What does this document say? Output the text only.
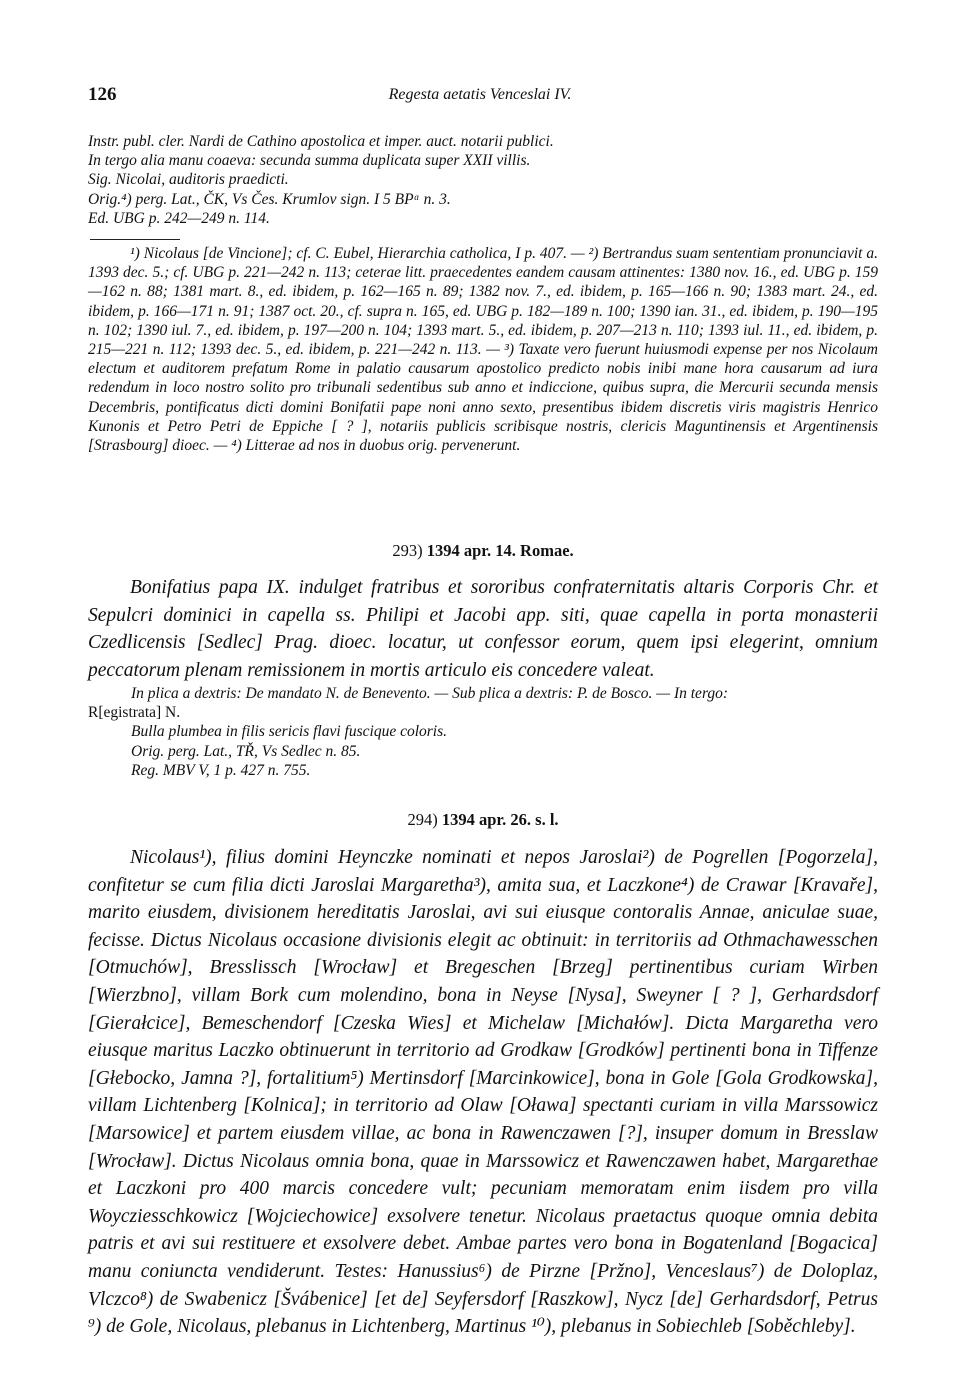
126	Regesta aetatis Venceslai IV.
Instr. publ. cler. Nardi de Cathino apostolica et imper. auct. notarii publici.
In tergo alia manu coaeva: secunda summa duplicata super XXII villis.
Sig. Nicolai, auditoris praedicti.
Orig.⁴) perg. Lat., ČK, Vs Čes. Krumlov sign. I 5 BPᵅ n. 3.
Ed. UBG p. 242—249 n. 114.

¹) Nicolaus [de Vincione]; cf. C. Eubel, Hierarchia catholica, I p. 407. — ²) Bertrandus suam sententiam pronunciavit a. 1393 dec. 5.; cf. UBG p. 221—242 n. 113; ceterae litt. praecedentes eandem causam attinentes: 1380 nov. 16., ed. UBG p. 159—162 n. 88; 1381 mart. 8., ed. ibidem, p. 162—165 n. 89; 1382 nov. 7., ed. ibidem, p. 165—166 n. 90; 1383 mart. 24., ed. ibidem, p. 166—171 n. 91; 1387 oct. 20., cf. supra n. 165, ed. UBG p. 182—189 n. 100; 1390 ian. 31., ed. ibidem, p. 190—195 n. 102; 1390 iul. 7., ed. ibidem, p. 197—200 n. 104; 1393 mart. 5., ed. ibidem, p. 207—213 n. 110; 1393 iul. 11., ed. ibidem, p. 215—221 n. 112; 1393 dec. 5., ed. ibidem, p. 221—242 n. 113. — ³) Taxate vero fuerunt huiusmodi expense per nos Nicolaum electum et auditorem prefatum Rome in palatio causarum apostolico predicto nobis inibi mane hora causarum ad iura redendum in loco nostro solito pro tribunali sedentibus sub anno et indiccione, quibus supra, die Mercurii secunda mensis Decembris, pontificatus dicti domini Bonifatii pape noni anno sexto, presentibus ibidem discretis viris magistris Henrico Kunonis et Petro Petri de Eppiche [ ? ], notariis publicis scribisque nostris, clericis Maguntinensis et Argentinensis [Strasbourg] dioec. — ⁴) Litterae ad nos in duobus orig. pervenerunt.

293) 1394 apr. 14. Romae.

Bonifatius papa IX. indulget fratribus et sororibus confraternitatis altaris Corporis Chr. et Sepulcri dominici in capella ss. Philipi et Jacobi app. siti, quae capella in porta monasterii Czedlicensis [Sedlec] Prag. dioec. locatur, ut confessor eorum, quem ipsi elegerint, omnium peccatorum plenam remissionem in mortis articulo eis concedere valeat.

In plica a dextris: De mandato N. de Benevento. — Sub plica a dextris: P. de Bosco. — In tergo:
R[egistrata] N.
Bulla plumbea in filis sericis flavi fuscique coloris.
Orig. perg. Lat., TŘ, Vs Sedlec n. 85.
Reg. MBV V, 1 p. 427 n. 755.
294) 1394 apr. 26. s. l.

Nicolaus¹), filius domini Heynczke nominati et nepos Jaroslai²) de Pogrellen [Pogorzela], confitetur se cum filia dicti Jaroslai Margaretha³), amita sua, et Laczkone⁴) de Crawar [Kravaře], marito eiusdem, divisionem hereditatis Jaroslai, avi sui eiusque contoralis Annae, aniculae suae, fecisse. Dictus Nicolaus occasione divisionis elegit ac obtinuit: in territoriis ad Othmachawesschen [Otmuchów], Bresslissch [Wrocław] et Bregeschen [Brzeg] pertinentibus curiam Wirben [Wierzbno], villam Bork cum molendino, bona in Neyse [Nysa], Sweyner [ ? ], Gerhardsdorf [Gierałcice], Bemeschendorf [Czeska Wies] et Michelaw [Michałów]. Dicta Margaretha vero eiusque maritus Laczko obtinuerunt in territorio ad Grodkaw [Grodków] pertinenti bona in Tiffenze [Głebocko, Jamna ?], fortalitium⁵) Mertinsdorf [Marcinkowice], bona in Gole [Gola Grodkowska], villam Lichtenberg [Kolnica]; in territorio ad Olaw [Oława] spectanti curiam in villa Marssowicz [Marsowice] et partem eiusdem villae, ac bona in Rawenczawen [?], insuper domum in Bresslaw [Wrocław]. Dictus Nicolaus omnia bona, quae in Marssowicz et Rawenczawen habet, Margarethae et Laczkoni pro 400 marcis concedere vult; pecuniam memoratam enim iisdem pro villa Woycziesschkowicz [Wojciechowice] exsolvere tenetur. Nicolaus praetactus quoque omnia debita patris et avi sui restituere et exsolvere debet. Ambae partes vero bona in Bogatenland [Bogacica] manu coniuncta vendiderunt. Testes: Hanussius⁶) de Pirzne [Pržno], Venceslaus⁷) de Doloplaz, Vlczco⁸) de Swabenicz [Švábenice] [et de] Seyfersdorf [Raszkow], Nycz [de] Gerhardsdorf, Petrus ⁹) de Gole, Nicolaus, plebanus in Lichtenberg, Martinus ¹⁰), plebanus in Sobiechleb [Soběchleby].
